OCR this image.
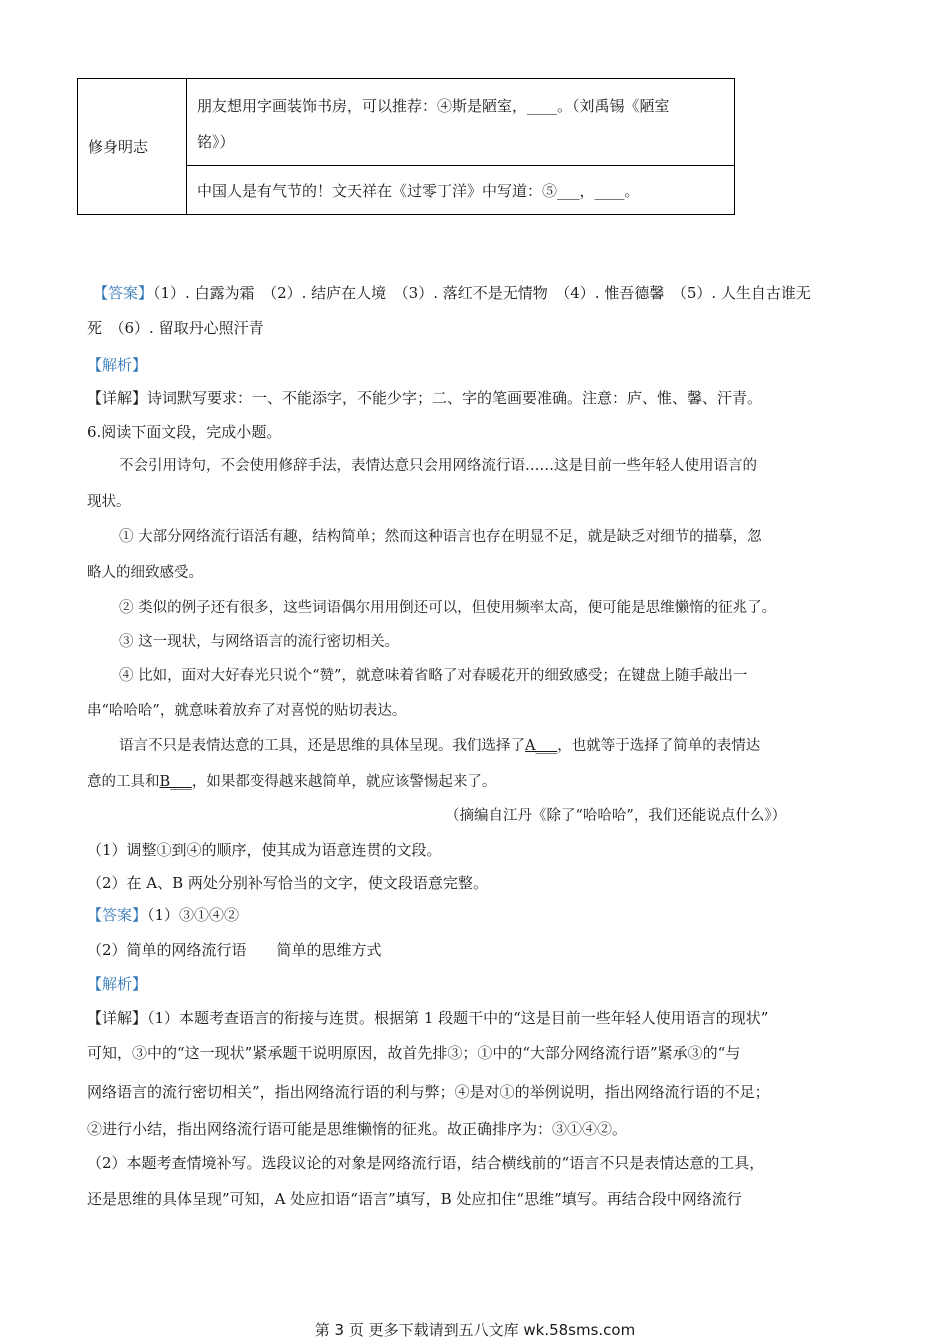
修身明志	朋友想用字画装饰书房，可以推荐：④斯是陋室，____。（刘禹锡《陋室
铭》）
中国人是有气节的！文天祥在《过零丁洋》中写道：⑤___，____。
【答案】（1）. 白露为霜　（2）. 结庐在人境　（3）. 落红不是无情物　（4）. 惟吾德馨　（5）. 人生自古谁无
死　（6）. 留取丹心照汗青
【解析】
【详解】诗词默写要求：一、不能添字，不能少字；二、字的笔画要准确。注意：庐、惟、馨、汗青。
6.阅读下面文段，完成小题。
不会引用诗句，不会使用修辞手法，表情达意只会用网络流行语……这是目前一些年轻人使用语言的
现状。
① 大部分网络流行语活有趣，结构简单；然而这种语言也存在明显不足，就是缺乏对细节的描摹，忽
略人的细致感受。
② 类似的例子还有很多，这些词语偶尔用用倒还可以，但使用频率太高，便可能是思维懒惰的征兆了。
③ 这一现状，与网络语言的流行密切相关。
④ 比如，面对大好春光只说个“赞”，就意味着省略了对春暖花开的细致感受；在键盘上随手敲出一
串“哈哈哈”，就意味着放弃了对喜悦的贴切表达。
语言不只是表情达意的工具，还是思维的具体呈现。我们选择了A___，也就等于选择了简单的表情达
意的工具和B___，如果都变得越来越简单，就应该警惕起来了。
（摘编自江丹《除了“哈哈哈”，我们还能说点什么》）
（1）调整①到④的顺序，使其成为语意连贯的文段。
（2）在 A、B 两处分别补写恰当的文字，使文段语意完整。
【答案】（1）③①④②
（2）简单的网络流行语　　简单的思维方式
【解析】
【详解】（1）本题考查语言的衔接与连贯。根据第 1 段题干中的“这是目前一些年轻人使用语言的现状”
可知，③中的“这一现状”紧承题干说明原因，故首先排③；①中的“大部分网络流行语”紧承③的“与
网络语言的流行密切相关”，指出网络流行语的利与弊；④是对①的举例说明，指出网络流行语的不足；
②进行小结，指出网络流行语可能是思维懒惰的征兆。故正确排序为：③①④②。
（2）本题考查情境补写。选段议论的对象是网络流行语，结合横线前的“语言不只是表情达意的工具，
还是思维的具体呈现”可知，A 处应扣语“语言”填写，B 处应扣住“思维”填写。再结合段中网络流行
第 3 页 更多下载请到五八文库 wk.58sms.com
